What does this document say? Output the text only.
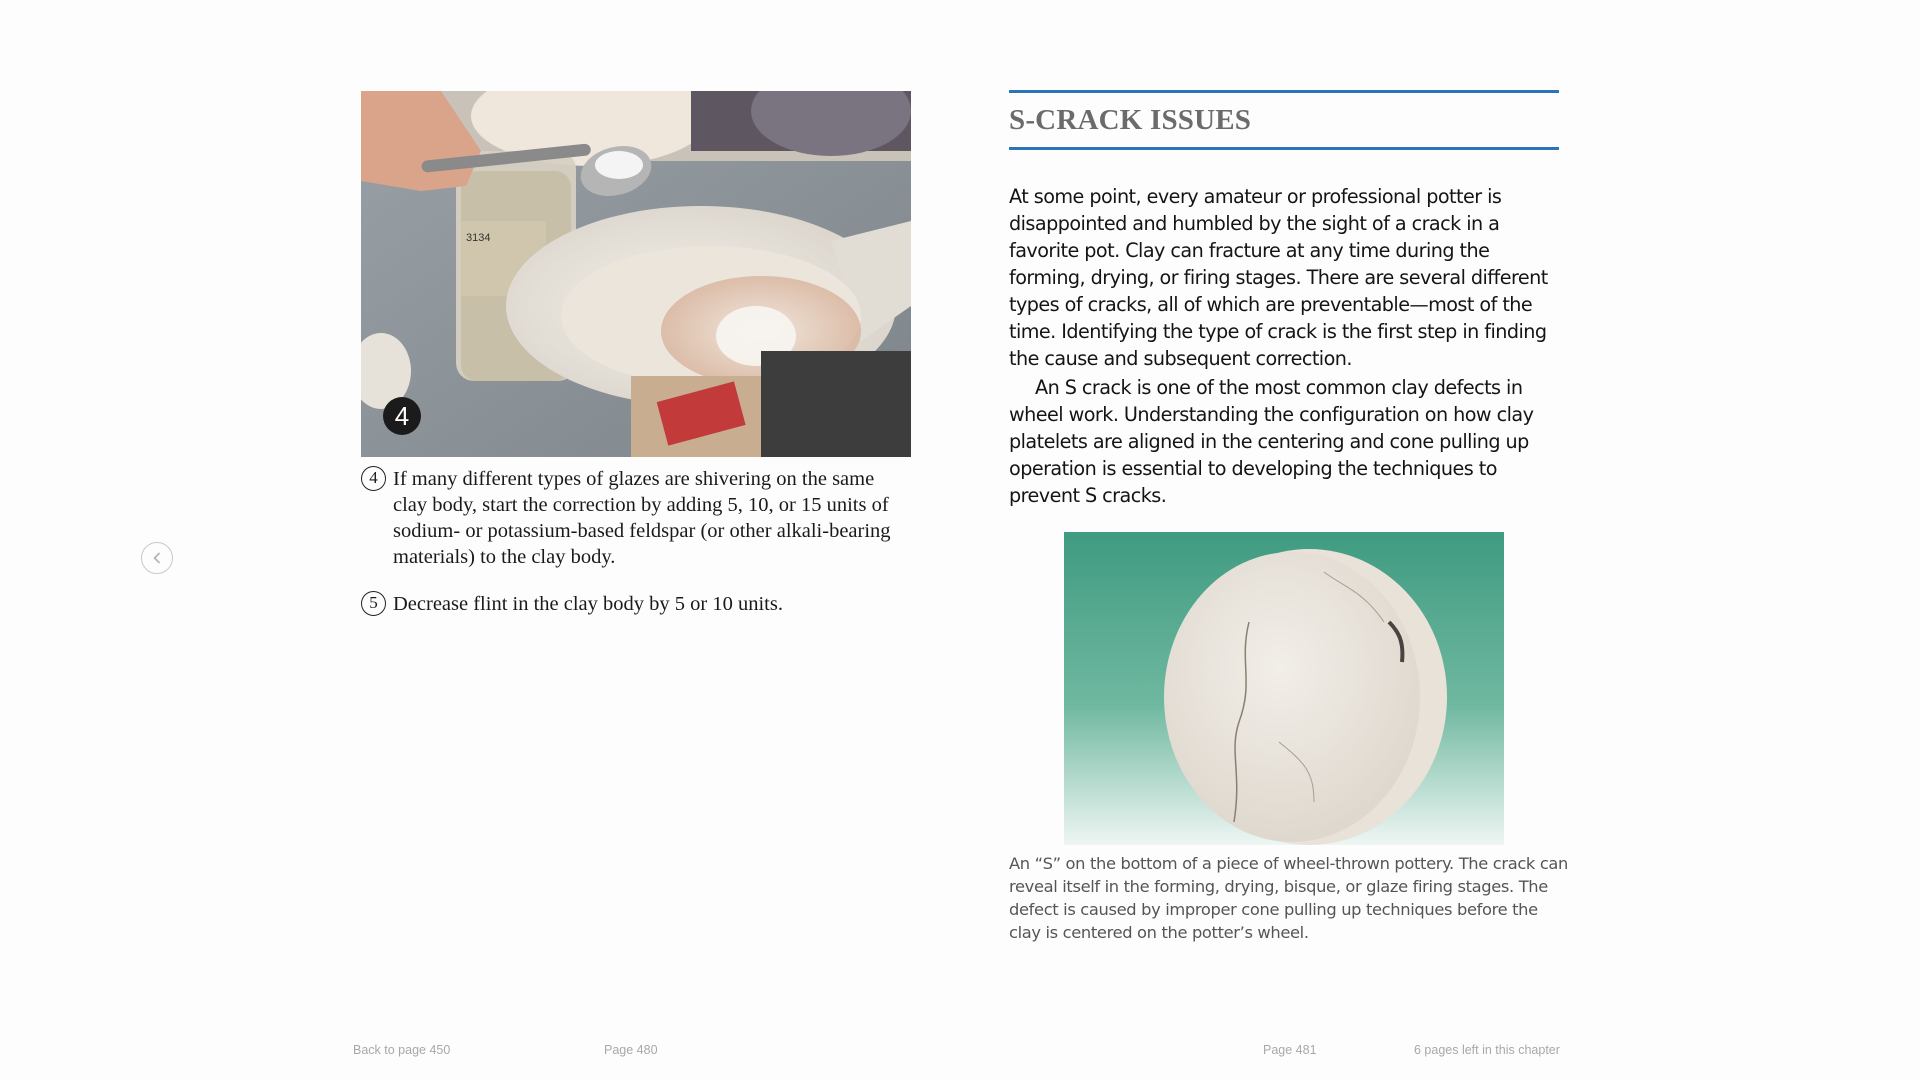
3134
4
4 If many different types of glazes are shivering on the same clay body, start the correction by adding 5, 10, or 15 units of sodium- or potassium-based feldspar (or other alkali-bearing materials) to the clay body.
5 Decrease flint in the clay body by 5 or 10 units.
S-CRACK ISSUES

At some point, every amateur or professional potter is disappointed and humbled by the sight of a crack in a favorite pot. Clay can fracture at any time during the forming, drying, or firing stages. There are several different types of cracks, all of which are preventable—most of the time. Identifying the type of crack is the first step in finding the cause and subsequent correction.

An S crack is one of the most common clay defects in wheel work. Understanding the configuration on how clay platelets are aligned in the centering and cone pulling up operation is essential to developing the techniques to prevent S cracks.

An “S” on the bottom of a piece of wheel-thrown pottery. The crack can reveal itself in the forming, drying, bisque, or glaze firing stages. The defect is caused by improper cone pulling up techniques before the clay is centered on the potter’s wheel.
Back to page 450	Page 480	Page 481	6 pages left in this chapter
